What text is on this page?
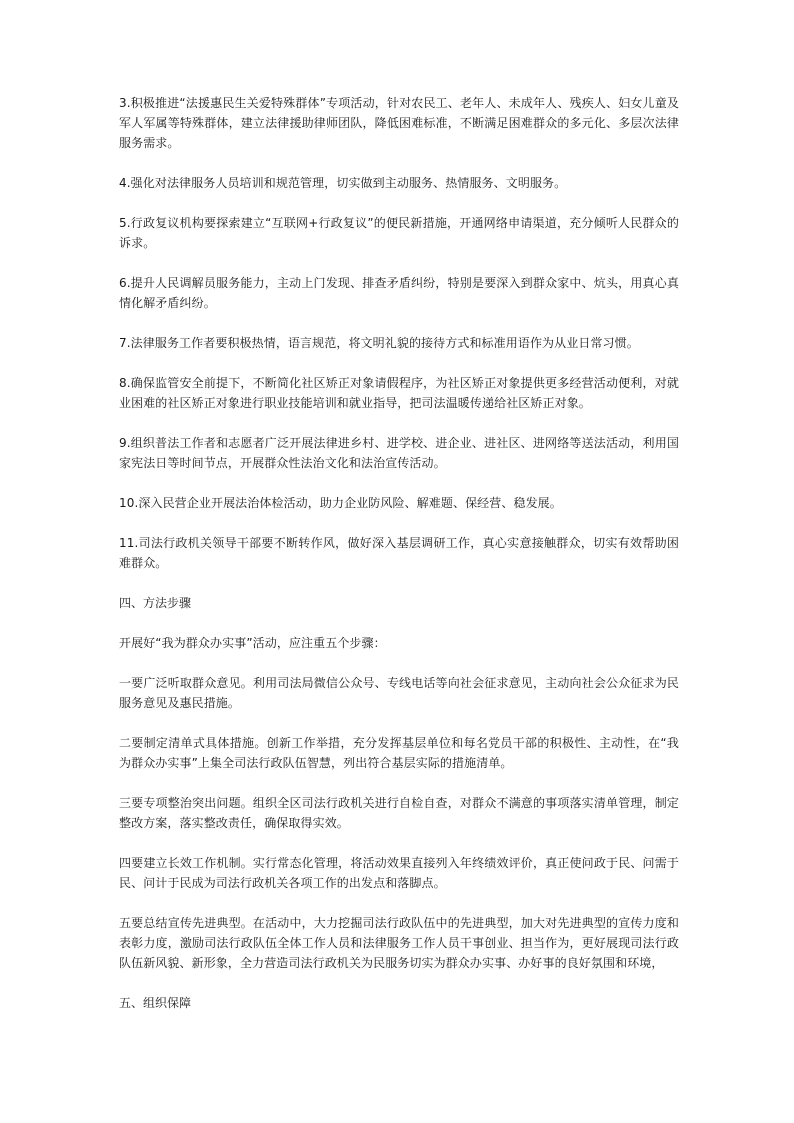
3.积极推进“法援惠民生关爱特殊群体”专项活动，针对农民工、老年人、未成年人、残疾人、妇女儿童及军人军属等特殊群体，建立法律援助律师团队，降低困难标准，不断满足困难群众的多元化、多层次法律服务需求。

4.强化对法律服务人员培训和规范管理，切实做到主动服务、热情服务、文明服务。

5.行政复议机构要探索建立“互联网+行政复议”的便民新措施，开通网络申请渠道，充分倾听人民群众的诉求。

6.提升人民调解员服务能力，主动上门发现、排查矛盾纠纷，特别是要深入到群众家中、炕头，用真心真情化解矛盾纠纷。

7.法律服务工作者要积极热情，语言规范，将文明礼貌的接待方式和标准用语作为从业日常习惯。

8.确保监管安全前提下，不断简化社区矫正对象请假程序，为社区矫正对象提供更多经营活动便利，对就业困难的社区矫正对象进行职业技能培训和就业指导，把司法温暖传递给社区矫正对象。

9.组织普法工作者和志愿者广泛开展法律进乡村、进学校、进企业、进社区、进网络等送法活动，利用国家宪法日等时间节点，开展群众性法治文化和法治宣传活动。

10.深入民营企业开展法治体检活动，助力企业防风险、解难题、保经营、稳发展。

11.司法行政机关领导干部要不断转作风，做好深入基层调研工作，真心实意接触群众，切实有效帮助困难群众。

四、方法步骤

开展好“我为群众办实事”活动，应注重五个步骤：

一要广泛听取群众意见。利用司法局微信公众号、专线电话等向社会征求意见，主动向社会公众征求为民服务意见及惠民措施。

二要制定清单式具体措施。创新工作举措，充分发挥基层单位和每名党员干部的积极性、主动性，在“我为群众办实事”上集全司法行政队伍智慧，列出符合基层实际的措施清单。

三要专项整治突出问题。组织全区司法行政机关进行自检自查，对群众不满意的事项落实清单管理，制定整改方案，落实整改责任，确保取得实效。

四要建立长效工作机制。实行常态化管理，将活动效果直接列入年终绩效评价，真正使问政于民、问需于民、问计于民成为司法行政机关各项工作的出发点和落脚点。

五要总结宣传先进典型。在活动中，大力挖掘司法行政队伍中的先进典型，加大对先进典型的宣传力度和表彰力度，激励司法行政队伍全体工作人员和法律服务工作人员干事创业、担当作为，更好展现司法行政队伍新风貌、新形象，全力营造司法行政机关为民服务切实为群众办实事、办好事的良好氛围和环境，

五、组织保障
